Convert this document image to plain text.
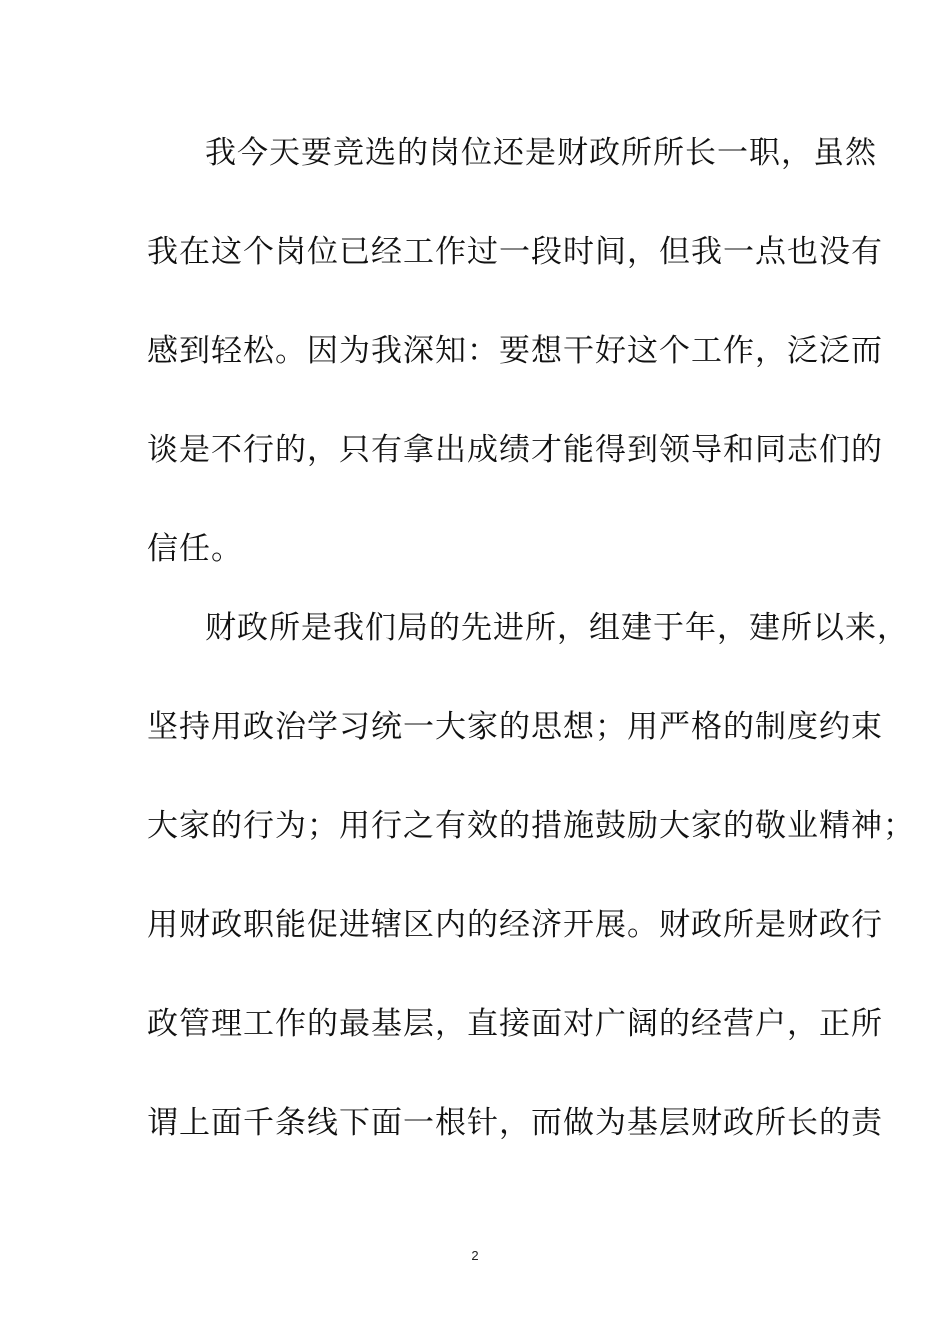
我今天要竞选的岗位还是财政所所长一职，虽然
我在这个岗位已经工作过一段时间，但我一点也没有
感到轻松。因为我深知：要想干好这个工作，泛泛而
谈是不行的，只有拿出成绩才能得到领导和同志们的
信任。
财政所是我们局的先进所，组建于年，建所以来，
坚持用政治学习统一大家的思想；用严格的制度约束
大家的行为；用行之有效的措施鼓励大家的敬业精神；
用财政职能促进辖区内的经济开展。财政所是财政行
政管理工作的最基层，直接面对广阔的经营户，正所
谓上面千条线下面一根针，而做为基层财政所长的责
2
